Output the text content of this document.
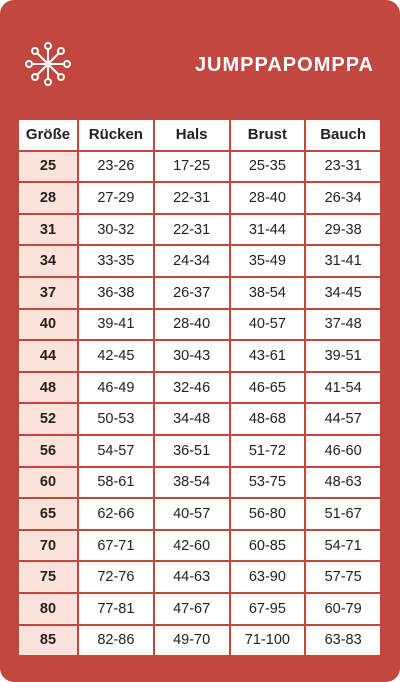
JUMPPAPOMPPA
Größe	Rücken	Hals	Brust	Bauch
25	23-26	17-25	25-35	23-31
28	27-29	22-31	28-40	26-34
31	30-32	22-31	31-44	29-38
34	33-35	24-34	35-49	31-41
37	36-38	26-37	38-54	34-45
40	39-41	28-40	40-57	37-48
44	42-45	30-43	43-61	39-51
48	46-49	32-46	46-65	41-54
52	50-53	34-48	48-68	44-57
56	54-57	36-51	51-72	46-60
60	58-61	38-54	53-75	48-63
65	62-66	40-57	56-80	51-67
70	67-71	42-60	60-85	54-71
75	72-76	44-63	63-90	57-75
80	77-81	47-67	67-95	60-79
85	82-86	49-70	71-100	63-83
